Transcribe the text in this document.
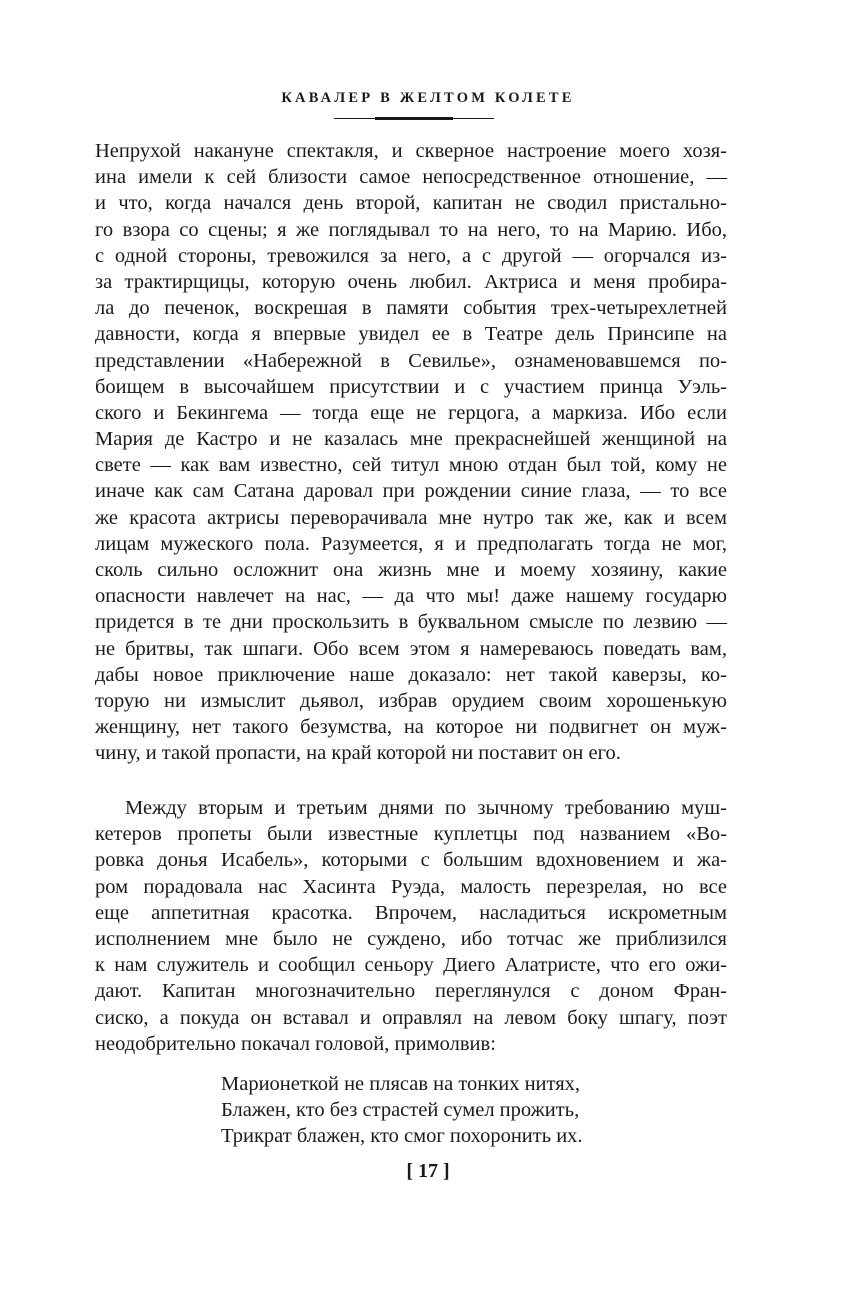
КАВАЛЕР В ЖЕЛТОМ КОЛЕТЕ
Непрухой накануне спектакля, и скверное настроение моего хозя-
ина имели к сей близости самое непосредственное отношение, —
и что, когда начался день второй, капитан не сводил пристально-
го взора со сцены; я же поглядывал то на него, то на Марию. Ибо,
с одной стороны, тревожился за него, а с другой — огорчался из-
за трактирщицы, которую очень любил. Актриса и меня пробира-
ла до печенок, воскрешая в памяти события трех-четырехлетней
давности, когда я впервые увидел ее в Театре дель Принсипе на
представлении «Набережной в Севилье», ознаменовавшемся по-
боищем в высочайшем присутствии и с участием принца Уэль-
ского и Бекингема — тогда еще не герцога, а маркиза. Ибо если
Мария де Кастро и не казалась мне прекраснейшей женщиной на
свете — как вам известно, сей титул мною отдан был той, кому не
иначе как сам Сатана даровал при рождении синие глаза, — то все
же красота актрисы переворачивала мне нутро так же, как и всем
лицам мужеского пола. Разумеется, я и предполагать тогда не мог,
сколь сильно осложнит она жизнь мне и моему хозяину, какие
опасности навлечет на нас, — да что мы! даже нашему государю
придется в те дни проскользить в буквальном смысле по лезвию —
не бритвы, так шпаги. Обо всем этом я намереваюсь поведать вам,
дабы новое приключение наше доказало: нет такой каверзы, ко-
торую ни измыслит дьявол, избрав орудием своим хорошенькую
женщину, нет такого безумства, на которое ни подвигнет он муж-
чину, и такой пропасти, на край которой ни поставит он его.
Между вторым и третьим днями по зычному требованию муш-
кетеров пропеты были известные куплетцы под названием «Во-
ровка донья Исабель», которыми с большим вдохновением и жа-
ром порадовала нас Хасинта Руэда, малость перезрелая, но все
еще аппетитная красотка. Впрочем, насладиться искрометным
исполнением мне было не суждено, ибо тотчас же приблизился
к нам служитель и сообщил сеньору Диего Алатристе, что его ожи-
дают. Капитан многозначительно переглянулся с доном Фран-
сиско, а покуда он вставал и оправлял на левом боку шпагу, поэт
неодобрительно покачал головой, примолвив:
Марионеткой не плясав на тонких нитях,
Блажен, кто без страстей сумел прожить,
Трикрат блажен, кто смог похоронить их.
[ 17 ]
